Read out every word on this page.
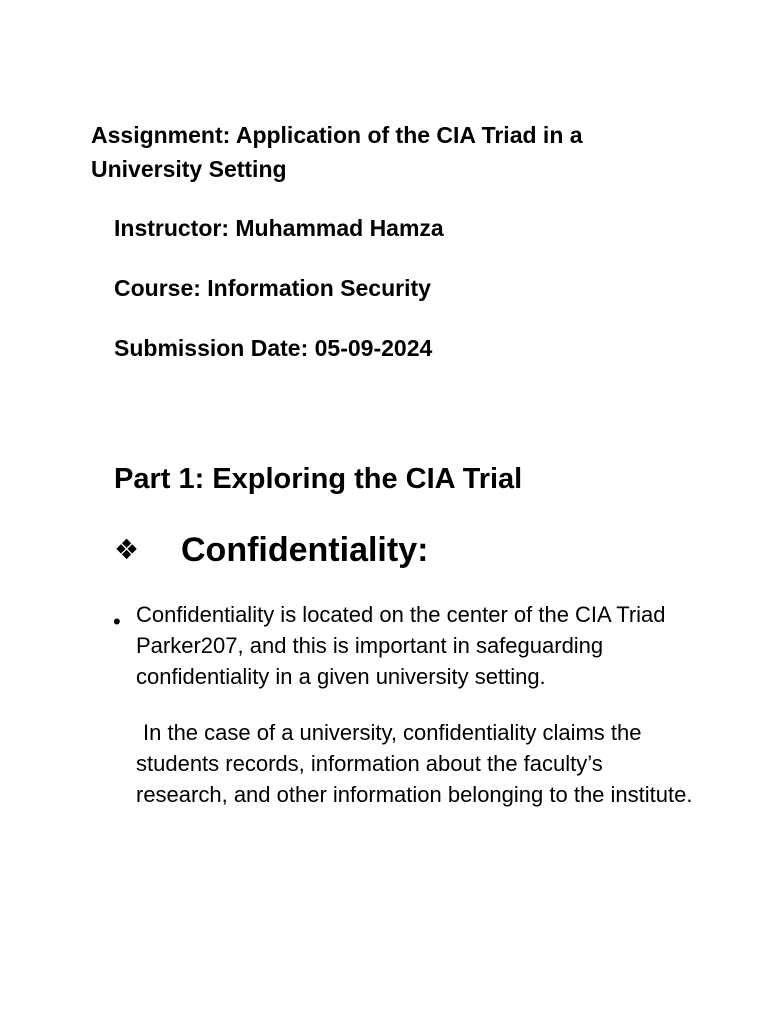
Assignment: Application of the CIA Triad in a University Setting

Instructor: Muhammad Hamza

Course: Information Security

Submission Date: 05-09-2024

Part 1: Exploring the CIA Trial
❖ Confidentiality:
• Confidentiality is located on the center of the CIA Triad Parker207, and this is important in safeguarding confidentiality in a given university setting.

In the case of a university, confidentiality claims the students records, information about the faculty’s research, and other information belonging to the institute.
